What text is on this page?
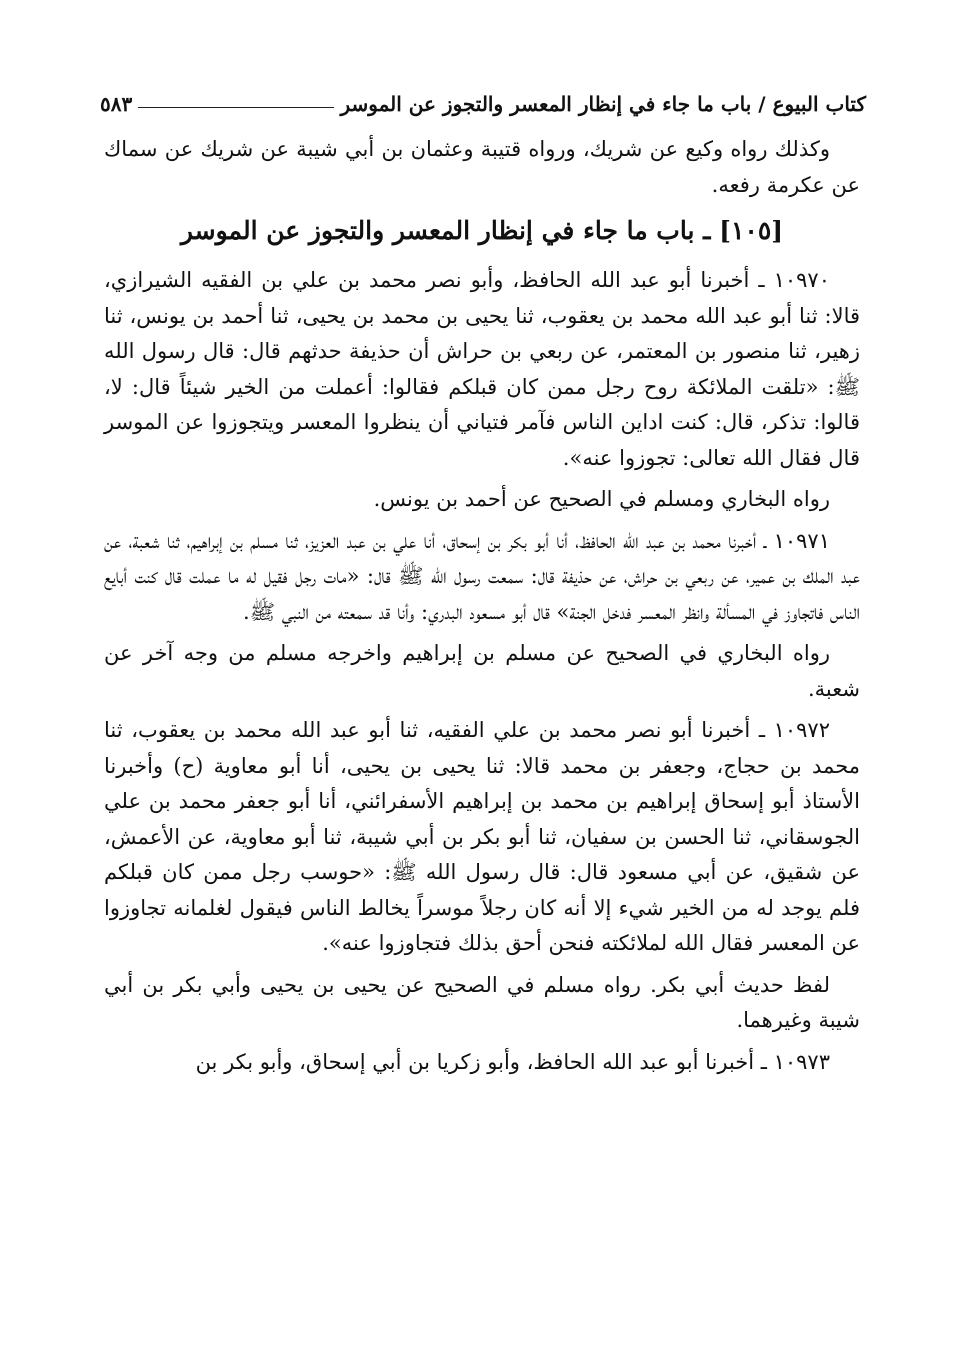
كتاب البيوع / باب ما جاء في إنظار المعسر والتجوز عن الموسر
٥٨٣

وكذلك رواه وكيع عن شريك، ورواه قتيبة وعثمان بن أبي شيبة عن شريك عن سماك عن عكرمة رفعه.

[١٠٥] ـ باب ما جاء في إنظار المعسر والتجوز عن الموسر

١٠٩٧٠ ـ أخبرنا أبو عبد الله الحافظ، وأبو نصر محمد بن علي بن الفقيه الشيرازي، قالا: ثنا أبو عبد الله محمد بن يعقوب، ثنا يحيى بن محمد بن يحيى، ثنا أحمد بن يونس، ثنا زهير، ثنا منصور بن المعتمر، عن ربعي بن حراش أن حذيفة حدثهم قال: قال رسول الله ﷺ: «تلقت الملائكة روح رجل ممن كان قبلكم فقالوا: أعملت من الخير شيئاً قال: لا، قالوا: تذكر، قال: كنت اداين الناس فآمر فتياني أن ينظروا المعسر ويتجوزوا عن الموسر قال فقال الله تعالى: تجوزوا عنه».

رواه البخاري ومسلم في الصحيح عن أحمد بن يونس.

١٠٩٧١ ـ أخبرنا محمد بن عبد الله الحافظ، أنا أبو بكر بن إسحاق، أنا علي بن عبد العزيز، ثنا مسلم بن إبراهيم، ثنا شعبة، عن عبد الملك بن عمير، عن ربعي بن حراش، عن حذيفة قال: سمعت رسول الله ﷺ قال: «مات رجل فقيل له ما عملت قال كنت أبايع الناس فاتجاوز في المسألة وانظر المعسر فدخل الجنة» قال أبو مسعود البدري: وأنا قد سمعته من النبي ﷺ.

رواه البخاري في الصحيح عن مسلم بن إبراهيم واخرجه مسلم من وجه آخر عن شعبة.

١٠٩٧٢ ـ أخبرنا أبو نصر محمد بن علي الفقيه، ثنا أبو عبد الله محمد بن يعقوب، ثنا محمد بن حجاج، وجعفر بن محمد قالا: ثنا يحيى بن يحيى، أنا أبو معاوية (ح) وأخبرنا الأستاذ أبو إسحاق إبراهيم بن محمد بن إبراهيم الأسفرائني، أنا أبو جعفر محمد بن علي الجوسقاني، ثنا الحسن بن سفيان، ثنا أبو بكر بن أبي شيبة، ثنا أبو معاوية، عن الأعمش، عن شقيق، عن أبي مسعود قال: قال رسول الله ﷺ: «حوسب رجل ممن كان قبلكم فلم يوجد له من الخير شيء إلا أنه كان رجلاً موسراً يخالط الناس فيقول لغلمانه تجاوزوا عن المعسر فقال الله لملائكته فنحن أحق بذلك فتجاوزوا عنه».

لفظ حديث أبي بكر. رواه مسلم في الصحيح عن يحيى بن يحيى وأبي بكر بن أبي شيبة وغيرهما.

١٠٩٧٣ ـ أخبرنا أبو عبد الله الحافظ، وأبو زكريا بن أبي إسحاق، وأبو بكر بن
